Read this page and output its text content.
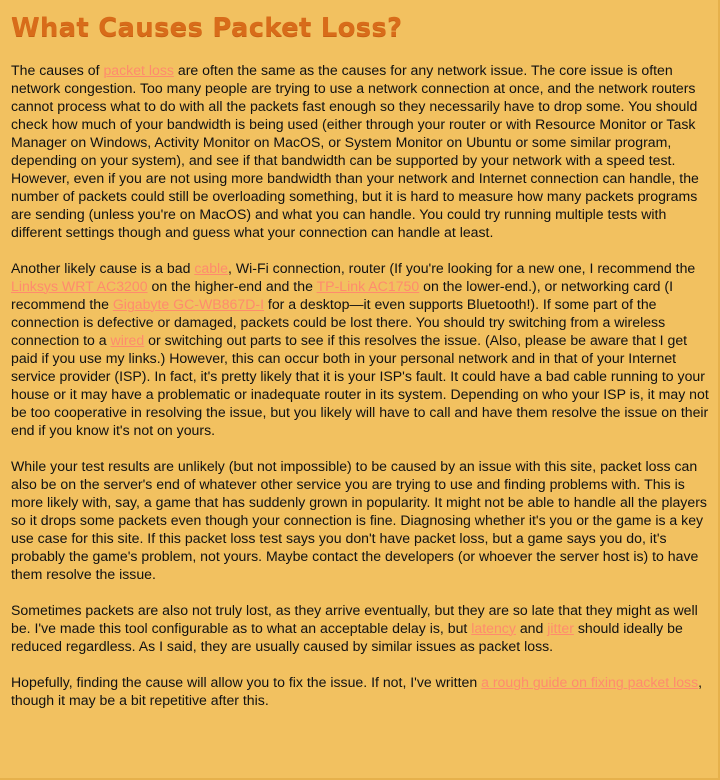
What Causes Packet Loss?

The causes of packet loss are often the same as the causes for any network issue. The core issue is often network congestion. Too many people are trying to use a network connection at once, and the network routers cannot process what to do with all the packets fast enough so they necessarily have to drop some. You should check how much of your bandwidth is being used (either through your router or with Resource Monitor or Task Manager on Windows, Activity Monitor on MacOS, or System Monitor on Ubuntu or some similar program, depending on your system), and see if that bandwidth can be supported by your network with a speed test. However, even if you are not using more bandwidth than your network and Internet connection can handle, the number of packets could still be overloading something, but it is hard to measure how many packets programs are sending (unless you're on MacOS) and what you can handle. You could try running multiple tests with different settings though and guess what your connection can handle at least.

Another likely cause is a bad cable, Wi-Fi connection, router (If you're looking for a new one, I recommend the Linksys WRT AC3200 on the higher-end and the TP-Link AC1750 on the lower-end.), or networking card (I recommend the Gigabyte GC-WB867D-I for a desktop—it even supports Bluetooth!). If some part of the connection is defective or damaged, packets could be lost there. You should try switching from a wireless connection to a wired or switching out parts to see if this resolves the issue. (Also, please be aware that I get paid if you use my links.) However, this can occur both in your personal network and in that of your Internet service provider (ISP). In fact, it's pretty likely that it is your ISP's fault. It could have a bad cable running to your house or it may have a problematic or inadequate router in its system. Depending on who your ISP is, it may not be too cooperative in resolving the issue, but you likely will have to call and have them resolve the issue on their end if you know it's not on yours.

While your test results are unlikely (but not impossible) to be caused by an issue with this site, packet loss can also be on the server's end of whatever other service you are trying to use and finding problems with. This is more likely with, say, a game that has suddenly grown in popularity. It might not be able to handle all the players so it drops some packets even though your connection is fine. Diagnosing whether it's you or the game is a key use case for this site. If this packet loss test says you don't have packet loss, but a game says you do, it's probably the game's problem, not yours. Maybe contact the developers (or whoever the server host is) to have them resolve the issue.

Sometimes packets are also not truly lost, as they arrive eventually, but they are so late that they might as well be. I've made this tool configurable as to what an acceptable delay is, but latency and jitter should ideally be reduced regardless. As I said, they are usually caused by similar issues as packet loss.

Hopefully, finding the cause will allow you to fix the issue. If not, I've written a rough guide on fixing packet loss, though it may be a bit repetitive after this.
